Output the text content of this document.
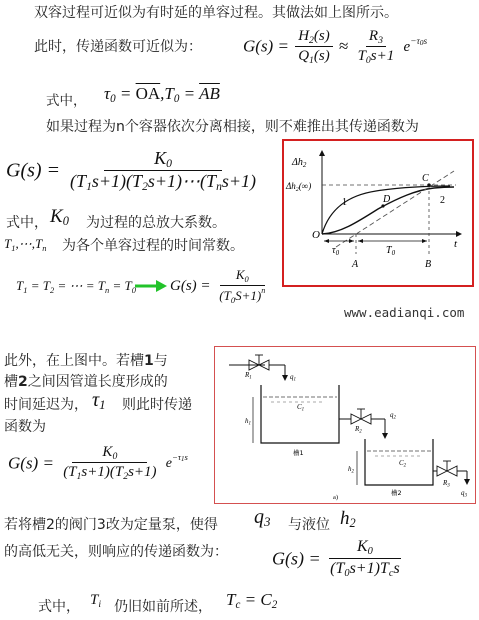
双容过程可近似为有时延的单容过程。其做法如上图所示。
此时，传递函数可近似为： $G(s) = \frac{H_2(s)}{Q_1(s)} \approx \frac{R_3}{T_0s+1} e^{-\tau_0s}$
式中， $\tau_0 = \overline{OA},T_0 = \overline{AB}$
如果过程为n个容器依次分离相接，则不难推出其传递函数为
$G(s) = \frac{K_0}{(T_1s+1)(T_2s+1)\cdots(T_ns+1)}$
式中， $K_0$ 为过程的总放大系数。
$T_1,\cdots,T_n$ 为各个单容过程的时间常数。
$T_1 = T_2$ = ⋯ = $T_n = T_0$ $G(s) = \frac{K_0}{(T_0S+1)^n}$
$\Delta h_2$
$\Delta h_2(\infty)$
t
O
A	B
C
D
1	2
$\tau_0$	$T_0$
www.eadianqi.com
此外，在上图中。若槽1与
槽2之间因管道长度形成的
时间延迟为， $\tau_1$ 则此时传递
函数为
$G(s) = \frac{K_0}{(T_1s+1)(T_2s+1)} e^{-\tau_1s}$
$R_1$	$q_1$
$C_1$
$h_1$
槽1
$R_2$
$q_2$
$C_2$
$h_2$
槽2
$R_3$
$q_3$
a)
若将槽2的阀门3改为定量泵，使得 $q_3$ 与液位 $h_2$
的高低无关，则响应的传递函数为： $G(s) = \frac{K_0}{(T_0s+1)T_cs}$
式中， $T_i$ 仍旧如前所述， $T_c = C_2$
